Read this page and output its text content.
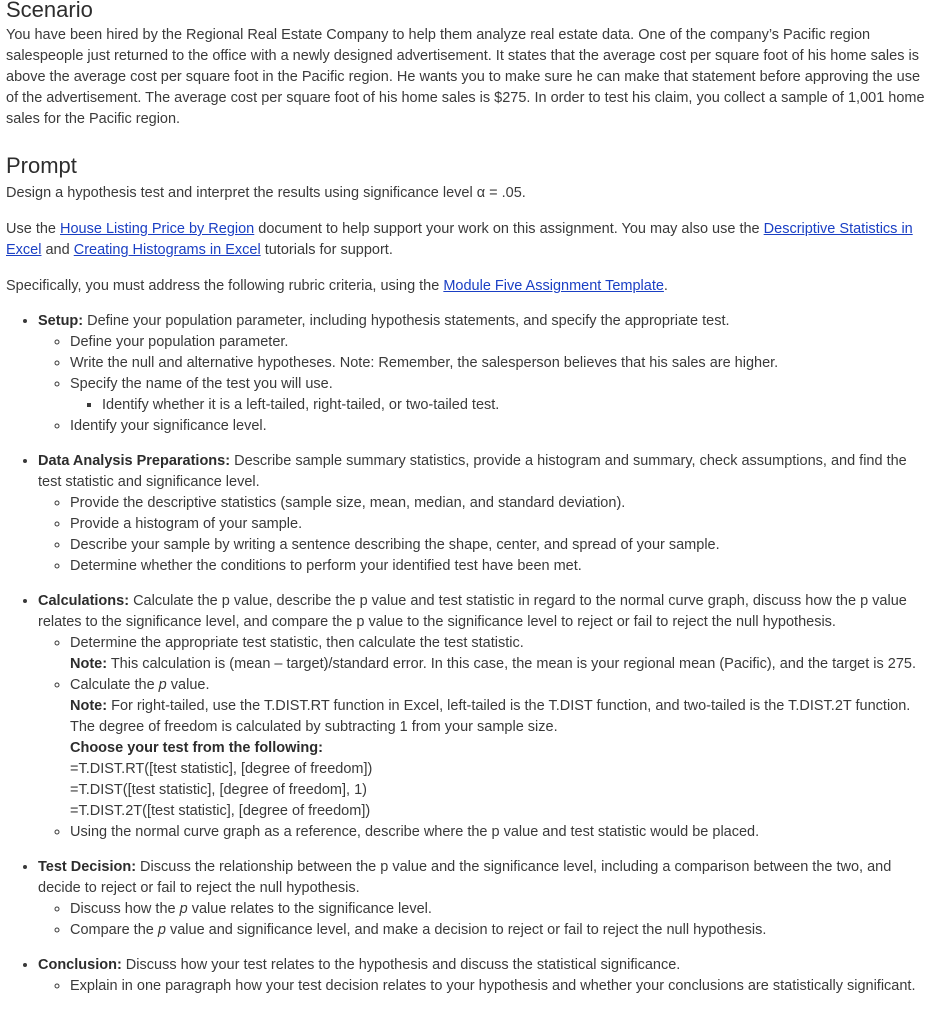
Scenario

You have been hired by the Regional Real Estate Company to help them analyze real estate data. One of the company’s Pacific region salespeople just returned to the office with a newly designed advertisement. It states that the average cost per square foot of his home sales is above the average cost per square foot in the Pacific region. He wants you to make sure he can make that statement before approving the use of the advertisement. The average cost per square foot of his home sales is $275. In order to test his claim, you collect a sample of 1,001 home sales for the Pacific region.

Prompt

Design a hypothesis test and interpret the results using significance level α = .05.

Use the House Listing Price by Region document to help support your work on this assignment. You may also use the Descriptive Statistics in Excel and Creating Histograms in Excel tutorials for support.

Specifically, you must address the following rubric criteria, using the Module Five Assignment Template.

• Setup: Define your population parameter, including hypothesis statements, and specify the appropriate test.
◦ Define your population parameter.
◦ Write the null and alternative hypotheses. Note: Remember, the salesperson believes that his sales are higher.
◦ Specify the name of the test you will use.
▪ Identify whether it is a left-tailed, right-tailed, or two-tailed test.
◦ Identify your significance level.
• Data Analysis Preparations: Describe sample summary statistics, provide a histogram and summary, check assumptions, and find the test statistic and significance level.
◦ Provide the descriptive statistics (sample size, mean, median, and standard deviation).
◦ Provide a histogram of your sample.
◦ Describe your sample by writing a sentence describing the shape, center, and spread of your sample.
◦ Determine whether the conditions to perform your identified test have been met.
• Calculations: Calculate the p value, describe the p value and test statistic in regard to the normal curve graph, discuss how the p value relates to the significance level, and compare the p value to the significance level to reject or fail to reject the null hypothesis.
◦ Determine the appropriate test statistic, then calculate the test statistic.
Note: This calculation is (mean – target)/standard error. In this case, the mean is your regional mean (Pacific), and the target is 275.
◦ Calculate the p value.
Note: For right-tailed, use the T.DIST.RT function in Excel, left-tailed is the T.DIST function, and two-tailed is the T.DIST.2T function. The degree of freedom is calculated by subtracting 1 from your sample size.
Choose your test from the following:
=T.DIST.RT([test statistic], [degree of freedom])
=T.DIST([test statistic], [degree of freedom], 1)
=T.DIST.2T([test statistic], [degree of freedom])
◦ Using the normal curve graph as a reference, describe where the p value and test statistic would be placed.
• Test Decision: Discuss the relationship between the p value and the significance level, including a comparison between the two, and decide to reject or fail to reject the null hypothesis.
◦ Discuss how the p value relates to the significance level.
◦ Compare the p value and significance level, and make a decision to reject or fail to reject the null hypothesis.
• Conclusion: Discuss how your test relates to the hypothesis and discuss the statistical significance.
◦ Explain in one paragraph how your test decision relates to your hypothesis and whether your conclusions are statistically significant.
